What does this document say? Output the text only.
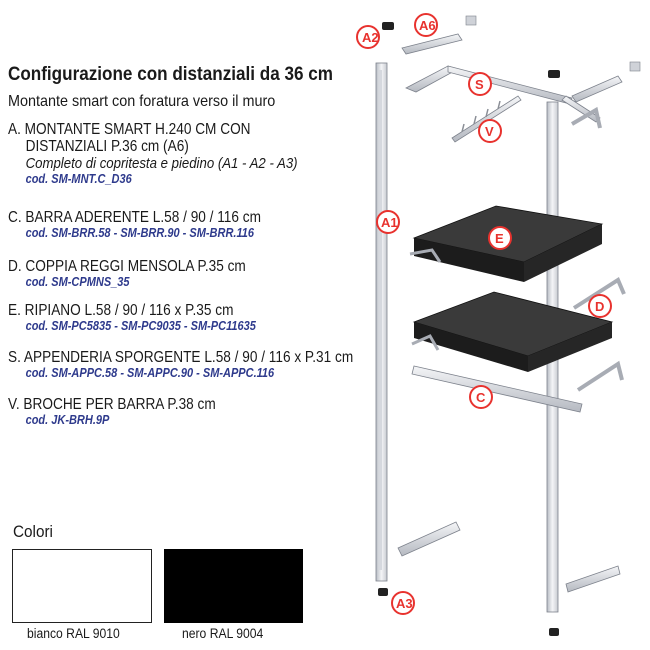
Configurazione con distanziali da 36 cm
Montante smart con foratura verso il muro
A. MONTANTE SMART H.240 CM CON
DISTANZIALI P.36 cm (A6)
Completo di copritesta e piedino (A1 - A2 - A3)
cod. SM-MNT.C_D36
C. BARRA ADERENTE L.58 / 90 / 116 cm
cod. SM-BRR.58 - SM-BRR.90 - SM-BRR.116
D. COPPIA REGGI MENSOLA P.35 cm
cod. SM-CPMNS_35
E. RIPIANO L.58 / 90 / 116 x P.35 cm
cod. SM-PC5835 - SM-PC9035 - SM-PC11635
S. APPENDERIA SPORGENTE L.58 / 90 / 116 x P.31 cm
cod. SM-APPC.58 - SM-APPC.90 - SM-APPC.116
V. BROCHE PER BARRA P.38 cm
cod. JK-BRH.9P
Colori
bianco RAL 9010	nero RAL 9004
A2
A6
S
V
A1
E
D
C
A3
